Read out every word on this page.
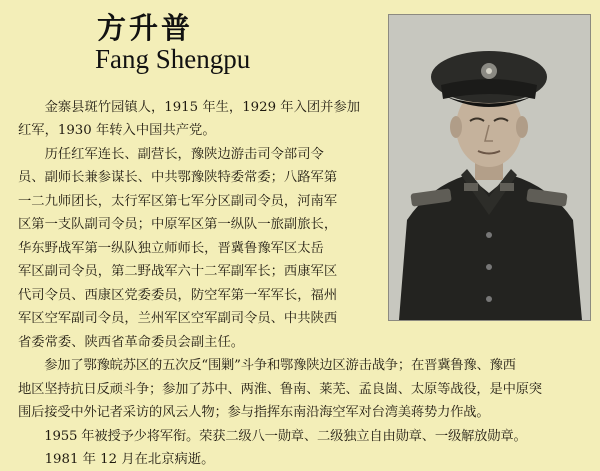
方升普
Fang Shengpu
　　金寨县斑竹园镇人，1915 年生，1929 年入团并参加
红军，1930 年转入中国共产党。
　　历任红军连长、副营长，豫陕边游击司令部司令
员、副师长兼参谋长、中共鄂豫陕特委常委；八路军第
一二九师团长，太行军区第七军分区副司令员，河南军
区第一支队副司令员；中原军区第一纵队一旅副旅长，
华东野战军第一纵队独立师师长，晋冀鲁豫军区太岳
军区副司令员，第二野战军六十二军副军长；西康军区
代司令员、西康区党委委员，防空军第一军军长，福州
军区空军副司令员，兰州军区空军副司令员、中共陕西
省委常委、陕西省革命委员会副主任。
　　参加了鄂豫皖苏区的五次反“围剿”斗争和鄂豫陕边区游击战争；在晋冀鲁豫、豫西
地区坚持抗日反顽斗争；参加了苏中、两淮、鲁南、莱芜、孟良崮、太原等战役，是中原突
围后接受中外记者采访的风云人物；参与指挥东南沿海空军对台湾美蒋势力作战。
　　1955 年被授予少将军衔。荣获二级八一勋章、二级独立自由勋章、一级解放勋章。
　　1981 年 12 月在北京病逝。
